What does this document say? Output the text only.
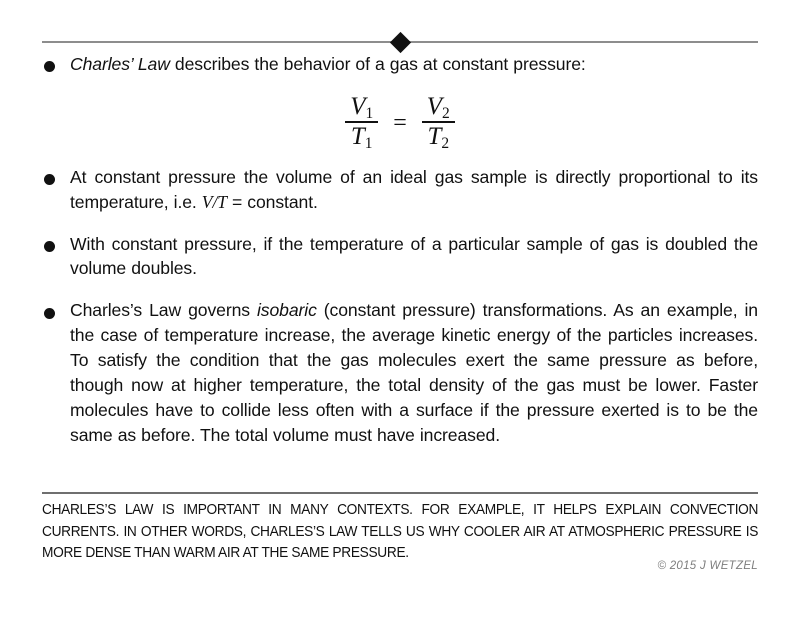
Charles’ Law describes the behavior of a gas at constant pressure:
$\frac{V_1}{T_1} = \frac{V_2}{T_2}$
At constant pressure the volume of an ideal gas sample is directly proportional to its temperature, i.e. V/T = constant.
With constant pressure, if the temperature of a particular sample of gas is doubled the volume doubles.
Charles’s Law governs isobaric (constant pressure) transformations. As an example, in the case of temperature increase, the average kinetic energy of the particles increases. To satisfy the condition that the gas molecules exert the same pressure as before, though now at higher temperature, the total density of the gas must be lower. Faster molecules have to collide less often with a surface if the pressure exerted is to be the same as before. The total volume must have increased.
CHARLES’S LAW IS IMPORTANT IN MANY CONTEXTS. FOR EXAMPLE, IT HELPS EXPLAIN CONVECTION CURRENTS. IN OTHER WORDS, CHARLES’S LAW TELLS US WHY COOLER AIR AT ATMOSPHERIC PRESSURE IS MORE DENSE THAN WARM AIR AT THE SAME PRESSURE.
© 2015 J WETZEL
